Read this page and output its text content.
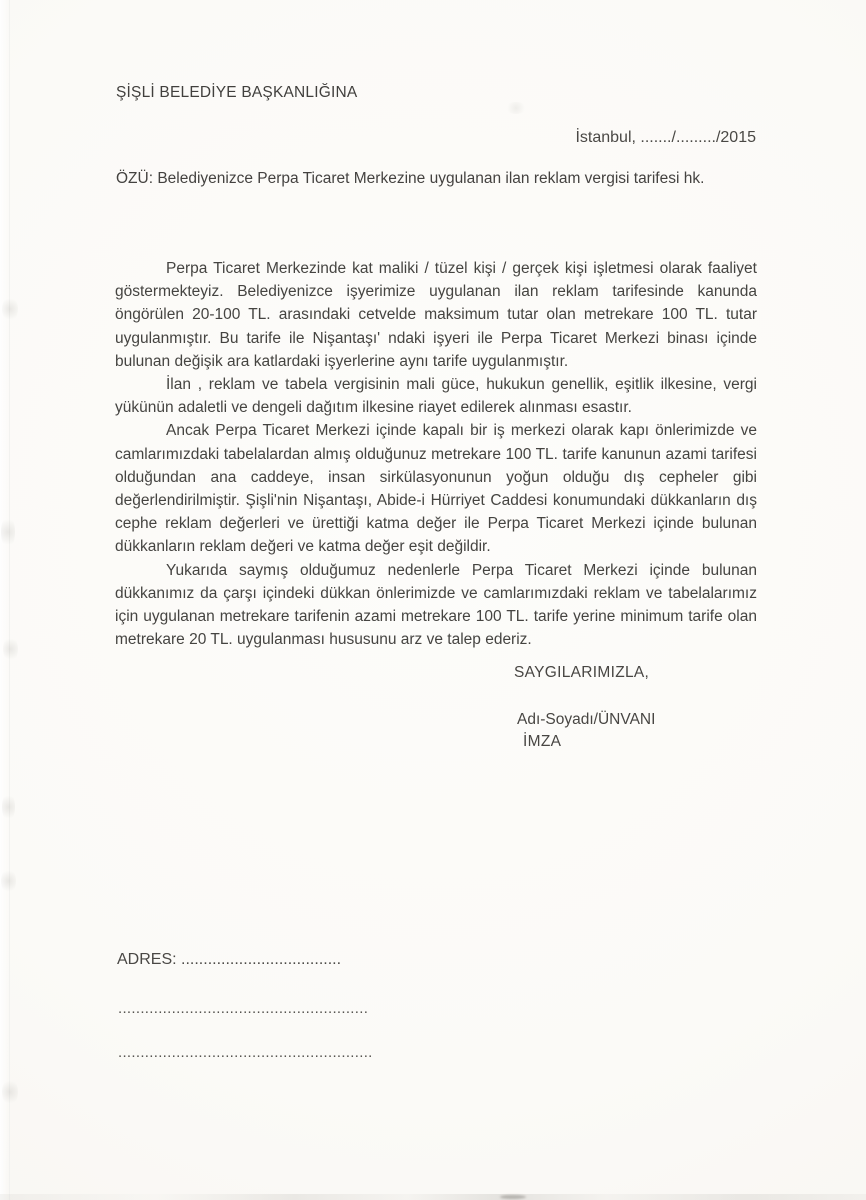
ŞİŞLİ BELEDİYE BAŞKANLIĞINA
İstanbul, ......./........./2015
ÖZÜ: Belediyenizce Perpa Ticaret Merkezine uygulanan ilan reklam vergisi tarifesi hk.

Perpa Ticaret Merkezinde kat maliki / tüzel kişi / gerçek kişi işletmesi olarak faaliyet göstermekteyiz. Belediyenizce işyerimize uygulanan ilan reklam tarifesinde kanunda öngörülen 20-100 TL. arasındaki cetvelde maksimum tutar olan metrekare 100 TL. tutar uygulanmıştır. Bu tarife ile Nişantaşı' ndaki işyeri ile Perpa Ticaret Merkezi binası içinde bulunan değişik ara katlardaki işyerlerine aynı tarife uygulanmıştır.

İlan , reklam ve tabela vergisinin mali güce, hukukun genellik, eşitlik ilkesine, vergi yükünün adaletli ve dengeli dağıtım ilkesine riayet edilerek alınması esastır.

Ancak Perpa Ticaret Merkezi içinde kapalı bir iş merkezi olarak kapı önlerimizde ve camlarımızdaki tabelalardan almış olduğunuz metrekare 100 TL. tarife kanunun azami tarifesi olduğundan ana caddeye, insan sirkülasyonunun yoğun olduğu dış cepheler gibi değerlendirilmiştir. Şişli'nin Nişantaşı, Abide-i Hürriyet Caddesi konumundaki dükkanların dış cephe reklam değerleri ve ürettiği katma değer ile Perpa Ticaret Merkezi içinde bulunan dükkanların reklam değeri ve katma değer eşit değildir.

Yukarıda saymış olduğumuz nedenlerle Perpa Ticaret Merkezi içinde bulunan dükkanımız da çarşı içindeki dükkan önlerimizde ve camlarımızdaki reklam ve tabelalarımız için uygulanan metrekare tarifenin azami metrekare 100 TL. tarife yerine minimum tarife olan metrekare 20 TL. uygulanması hususunu arz ve talep ederiz.

SAYGILARIMIZLA,
Adı-Soyadı/ÜNVANI
İMZA
ADRES: ....................................
........................................................
.........................................................
